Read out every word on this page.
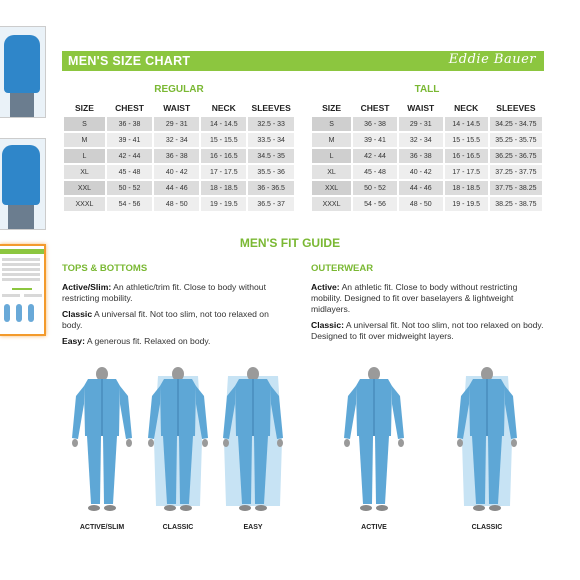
MEN'S SIZE CHART	Eddie Bauer
REGULAR	TALL
SIZE	CHEST	WAIST	NECK	SLEEVES
S	36 - 38	29 - 31	14 - 14.5	32.5 - 33
M	39 - 41	32 - 34	15 - 15.5	33.5 - 34
L	42 - 44	36 - 38	16 - 16.5	34.5 - 35
XL	45 - 48	40 - 42	17 - 17.5	35.5 - 36
XXL	50 - 52	44 - 46	18 - 18.5	36 - 36.5
XXXL	54 - 56	48 - 50	19 - 19.5	36.5 - 37
SIZE	CHEST	WAIST	NECK	SLEEVES
S	36 - 38	29 - 31	14 - 14.5	34.25 - 34.75
M	39 - 41	32 - 34	15 - 15.5	35.25 - 35.75
L	42 - 44	36 - 38	16 - 16.5	36.25 - 36.75
XL	45 - 48	40 - 42	17 - 17.5	37.25 - 37.75
XXL	50 - 52	44 - 46	18 - 18.5	37.75 - 38.25
XXXL	54 - 56	48 - 50	19 - 19.5	38.25 - 38.75
MEN'S FIT GUIDE
TOPS & BOTTOMS

Active/Slim: An athletic/trim fit. Close to body without restricting mobility.

Classic A universal fit. Not too slim, not too relaxed on body.

Easy: A generous fit. Relaxed on body.

OUTERWEAR

Active: An athletic fit. Close to body without restricting mobility. Designed to fit over baselayers & lightweight midlayers.

Classic: A universal fit. Not too slim, not too relaxed on body. Designed to fit over midweight layers.

ACTIVE/SLIM	CLASSIC	EASY	ACTIVE	CLASSIC
